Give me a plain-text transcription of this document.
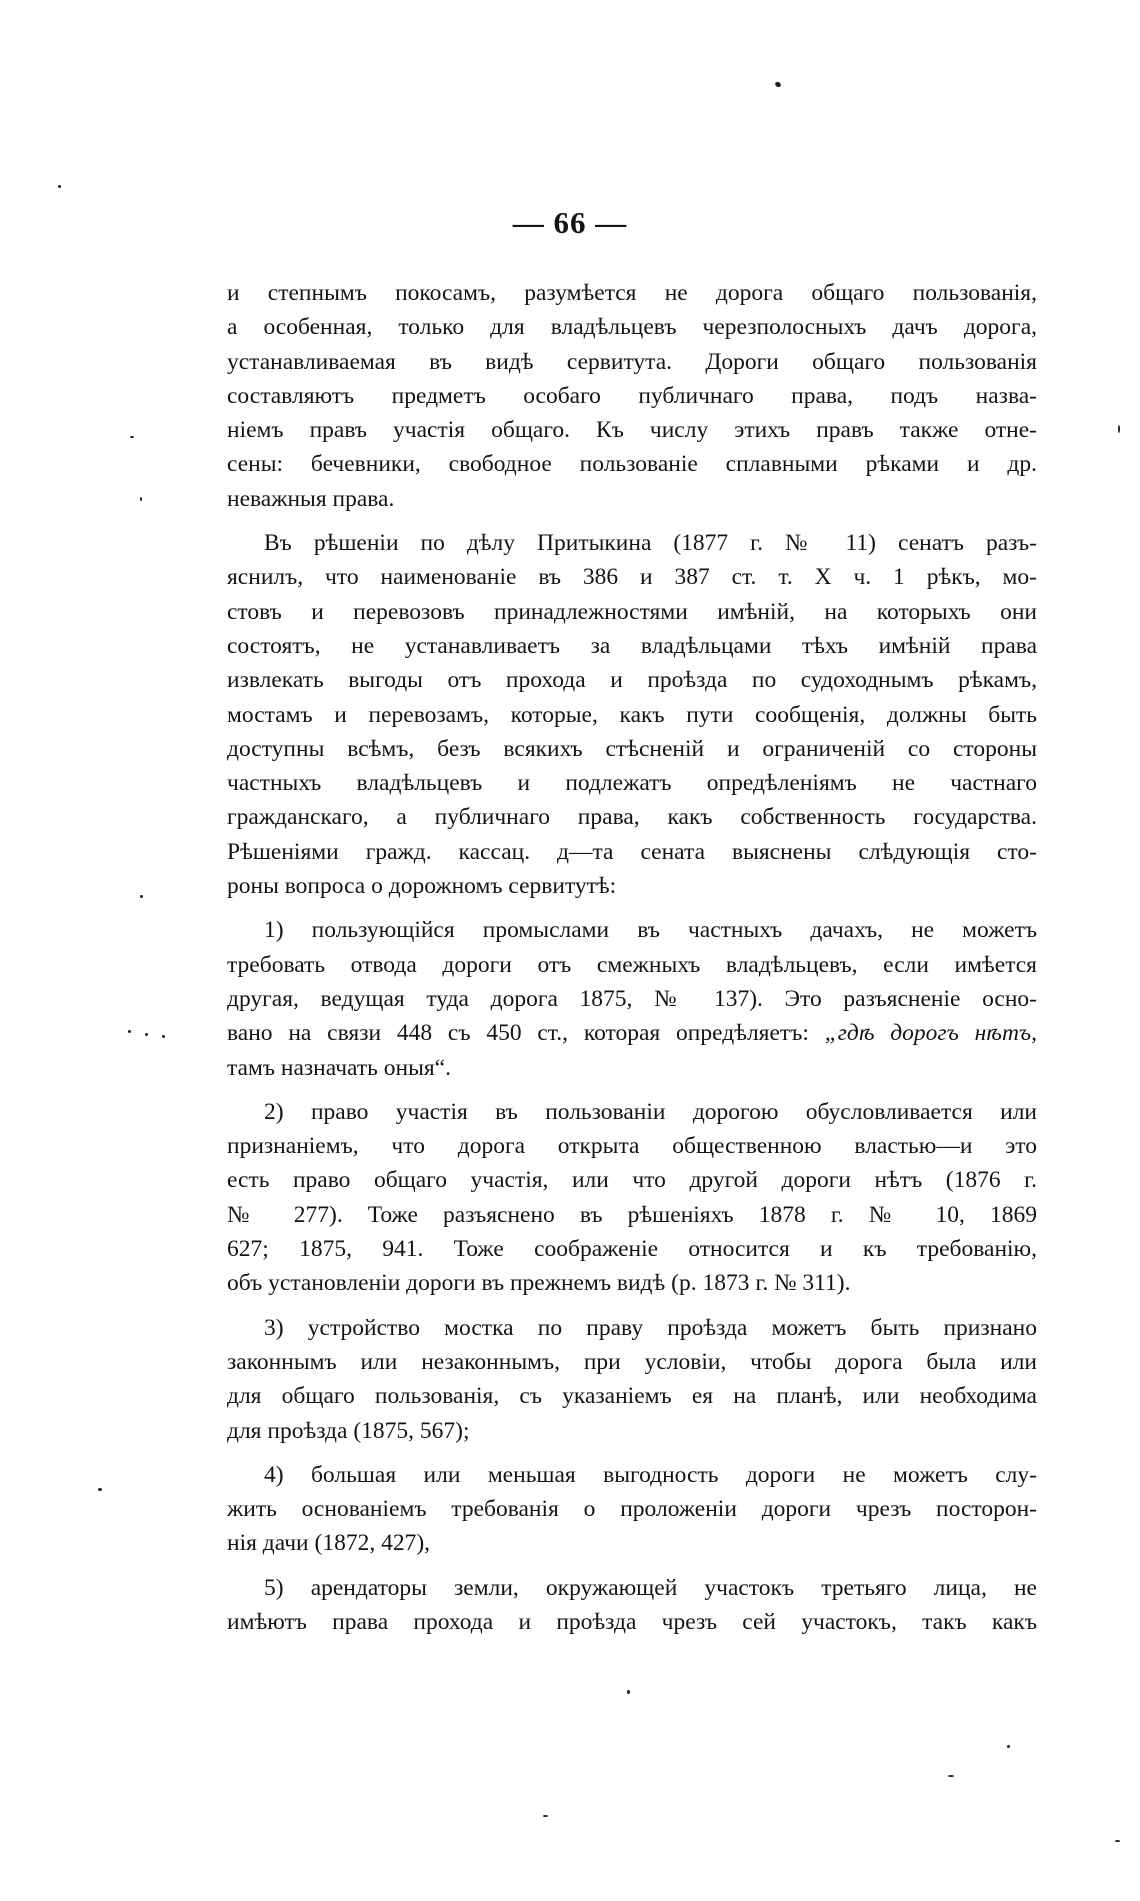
— 66 —

и степнымъ покосамъ, разумѣется не дорога общаго пользованія,
а особенная, только для владѣльцевъ черезполосныхъ дачъ дорога,
устанавливаемая въ видѣ сервитута. Дороги общаго пользованія
составляютъ предметъ особаго публичнаго права, подъ назва-
ніемъ правъ участія общаго. Къ числу этихъ правъ также отне-
сены: бечевники, свободное пользованіе сплавными рѣками и др.
неважныя права.

Въ рѣшеніи по дѣлу Притыкина (1877 г. № 11) сенатъ разъ-
яснилъ, что наименованіе въ 386 и 387 ст. т. X ч. 1 рѣкъ, мо-
стовъ и перевозовъ принадлежностями имѣній, на которыхъ они
состоятъ, не устанавливаетъ за владѣльцами тѣхъ имѣній права
извлекать выгоды отъ прохода и проѣзда по судоходнымъ рѣкамъ,
мостамъ и перевозамъ, которые, какъ пути сообщенія, должны быть
доступны всѣмъ, безъ всякихъ стѣсненій и ограниченій со стороны
частныхъ владѣльцевъ и подлежатъ опредѣленіямъ не частнаго
гражданскаго, а публичнаго права, какъ собственность государства.
Рѣшеніями гражд. кассац. д—та сената выяснены слѣдующія сто-
роны вопроса о дорожномъ сервитутѣ:

1) пользующійся промыслами въ частныхъ дачахъ, не можетъ
требовать отвода дороги отъ смежныхъ владѣльцевъ, если имѣется
другая, ведущая туда дорога 1875, № 137). Это разъясненіе осно-
вано на связи 448 съ 450 ст., которая опредѣляетъ: „гдѣ дорогъ нѣтъ,
тамъ назначать оныя“.

2) право участія въ пользованіи дорогою обусловливается или
признаніемъ, что дорога открыта общественною властью—и это
есть право общаго участія, или что другой дороги нѣтъ (1876 г.
№ 277). Тоже разъяснено въ рѣшеніяхъ 1878 г. № 10, 1869
627; 1875, 941. Тоже соображеніе относится и къ требованію,
объ установленіи дороги въ прежнемъ видѣ (р. 1873 г. № 311).

3) устройство мостка по праву проѣзда можетъ быть признано
законнымъ или незаконнымъ, при условіи, чтобы дорога была или
для общаго пользованія, съ указаніемъ ея на планѣ, или необходима
для проѣзда (1875, 567);

4) большая или меньшая выгодность дороги не можетъ слу-
жить основаніемъ требованія о проложеніи дороги чрезъ посторон-
нія дачи (1872, 427),

5) арендаторы земли, окружающей участокъ третьяго лица, не
имѣютъ права прохода и проѣзда чрезъ сей участокъ, такъ какъ
